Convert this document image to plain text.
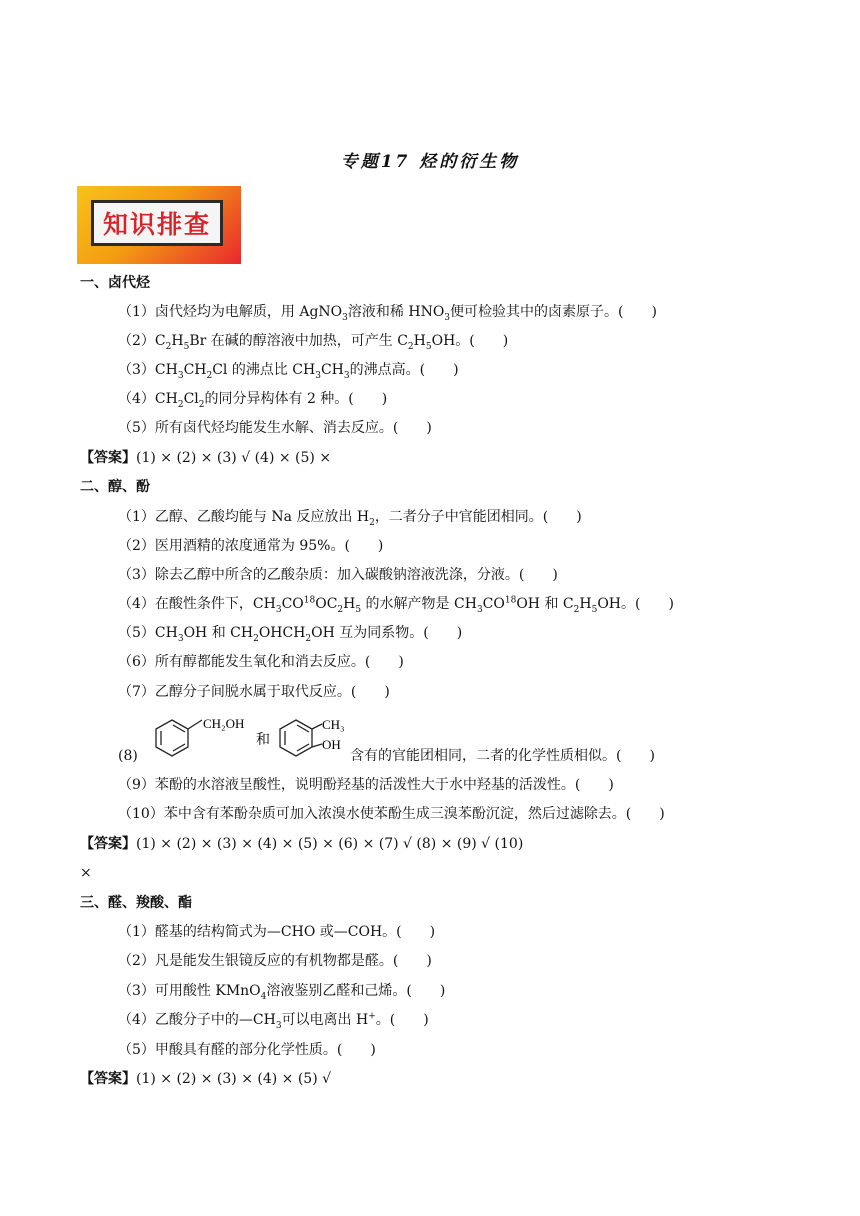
专题17 烃的衍生物
知识排查
一、卤代烃
（1）卤代烃均为电解质，用 AgNO$_3$溶液和稀 $HNO_3$便可检验其中的卤素原子。(　　)
$(2)C_2H_5Br$ 在碱的醇溶液中加热，可产生 $C_2H_5OH$。(　　)
$(3)CH_3CH_2Cl$ 的沸点比 $CH_3CH_3$的沸点高。(　　)
$(4)CH_2Cl_2$的同分异构体有 2 种。(　　)
（5）所有卤代烃均能发生水解、消去反应。(　　)
【答案】(1) × (2) × (3) √ (4) × (5) ×
二、醇、酚
（1）乙醇、乙酸均能与 Na 反应放出 $H_2$，二者分子中官能团相同。(　　)
（2）医用酒精的浓度通常为 95%。(　　)
（3）除去乙醇中所含的乙酸杂质：加入碳酸钠溶液洗涤，分液。(　　)
（4）在酸性条件下，$CH_3CO^{18}OC_2H_5$ 的水解产物是 $CH_3CO^{18}OH$ 和 $C_2H_5OH$。(　　)
$(5)CH_3OH$ 和 $CH_2OHCH_2OH$ 互为同系物。(　　)
（6）所有醇都能发生氧化和消去反应。(　　)
（7）乙醇分子间脱水属于取代反应。(　　)
(8)
CH₂OH
和
CH₃
OH
含有的官能团相同，二者的化学性质相似。(　　)
（9）苯酚的水溶液呈酸性，说明酚羟基的活泼性大于水中羟基的活泼性。(　　)
（10）苯中含有苯酚杂质可加入浓溴水使苯酚生成三溴苯酚沉淀，然后过滤除去。(　　)
【答案】(1) × (2) × (3) × (4) × (5) × (6) × (7) √ (8) × (9) √ (10)
×
三、醛、羧酸、酯
（1）醛基的结构简式为—CHO 或—COH。(　　)
（2）凡是能发生银镜反应的有机物都是醛。(　　)
（3）可用酸性 KMnO$_4$溶液鉴别乙醛和己烯。(　　)
（4）乙酸分子中的$—CH_3$可以电离出 H+。(　　)
（5）甲酸具有醛的部分化学性质。(　　)
【答案】(1) × (2) × (3) × (4) × (5) √
